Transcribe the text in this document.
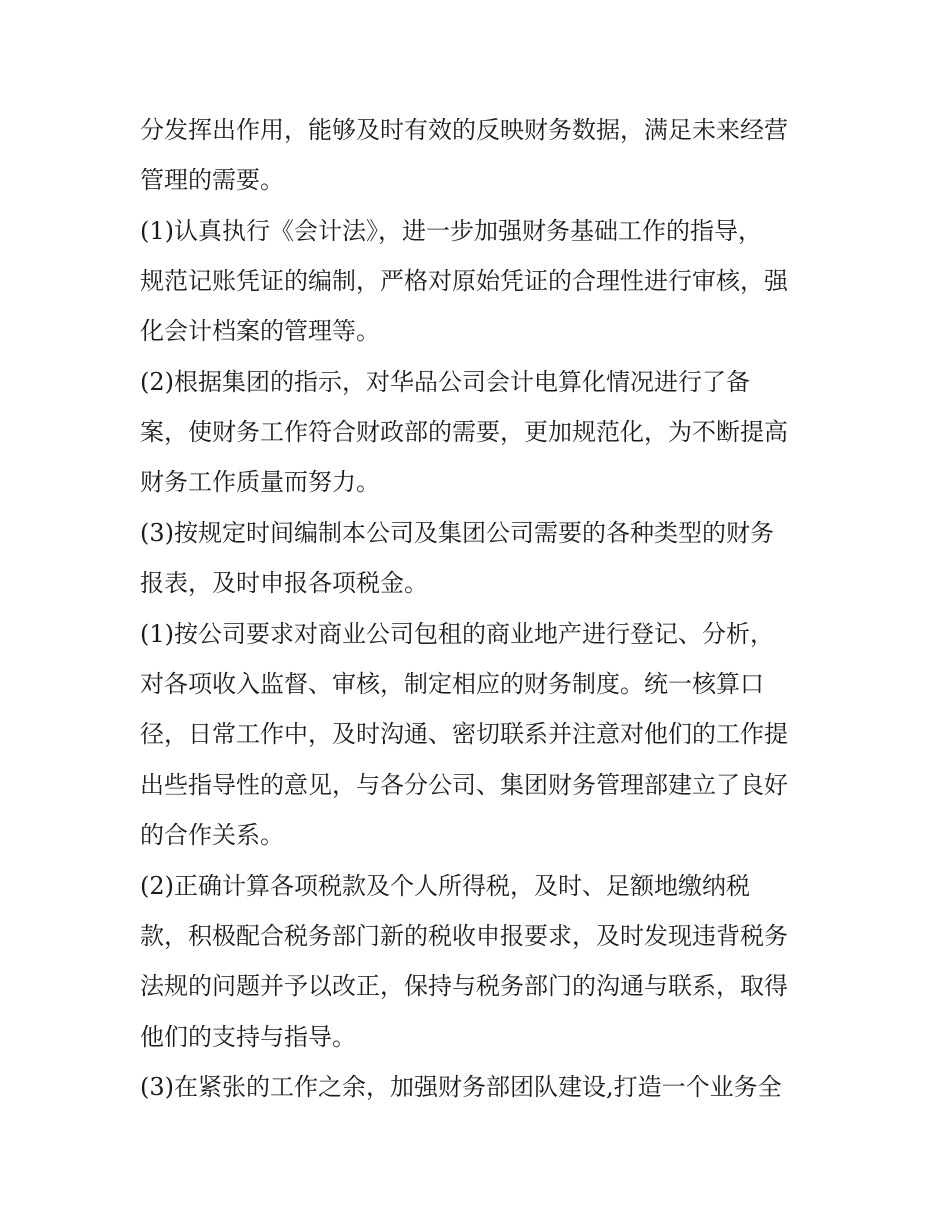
分发挥出作用，能够及时有效的反映财务数据，满足未来经营
管理的需要。
(1)认真执行《会计法》，进一步加强财务基础工作的指导，
规范记账凭证的编制，严格对原始凭证的合理性进行审核，强
化会计档案的管理等。
(2)根据集团的指示，对华品公司会计电算化情况进行了备
案，使财务工作符合财政部的需要，更加规范化，为不断提高
财务工作质量而努力。
(3)按规定时间编制本公司及集团公司需要的各种类型的财务
报表，及时申报各项税金。
(1)按公司要求对商业公司包租的商业地产进行登记、分析，
对各项收入监督、审核，制定相应的财务制度。统一核算口
径，日常工作中，及时沟通、密切联系并注意对他们的工作提
出些指导性的意见，与各分公司、集团财务管理部建立了良好
的合作关系。
(2)正确计算各项税款及个人所得税，及时、足额地缴纳税
款，积极配合税务部门新的税收申报要求，及时发现违背税务
法规的问题并予以改正，保持与税务部门的沟通与联系，取得
他们的支持与指导。
(3)在紧张的工作之余，加强财务部团队建设,打造一个业务全
